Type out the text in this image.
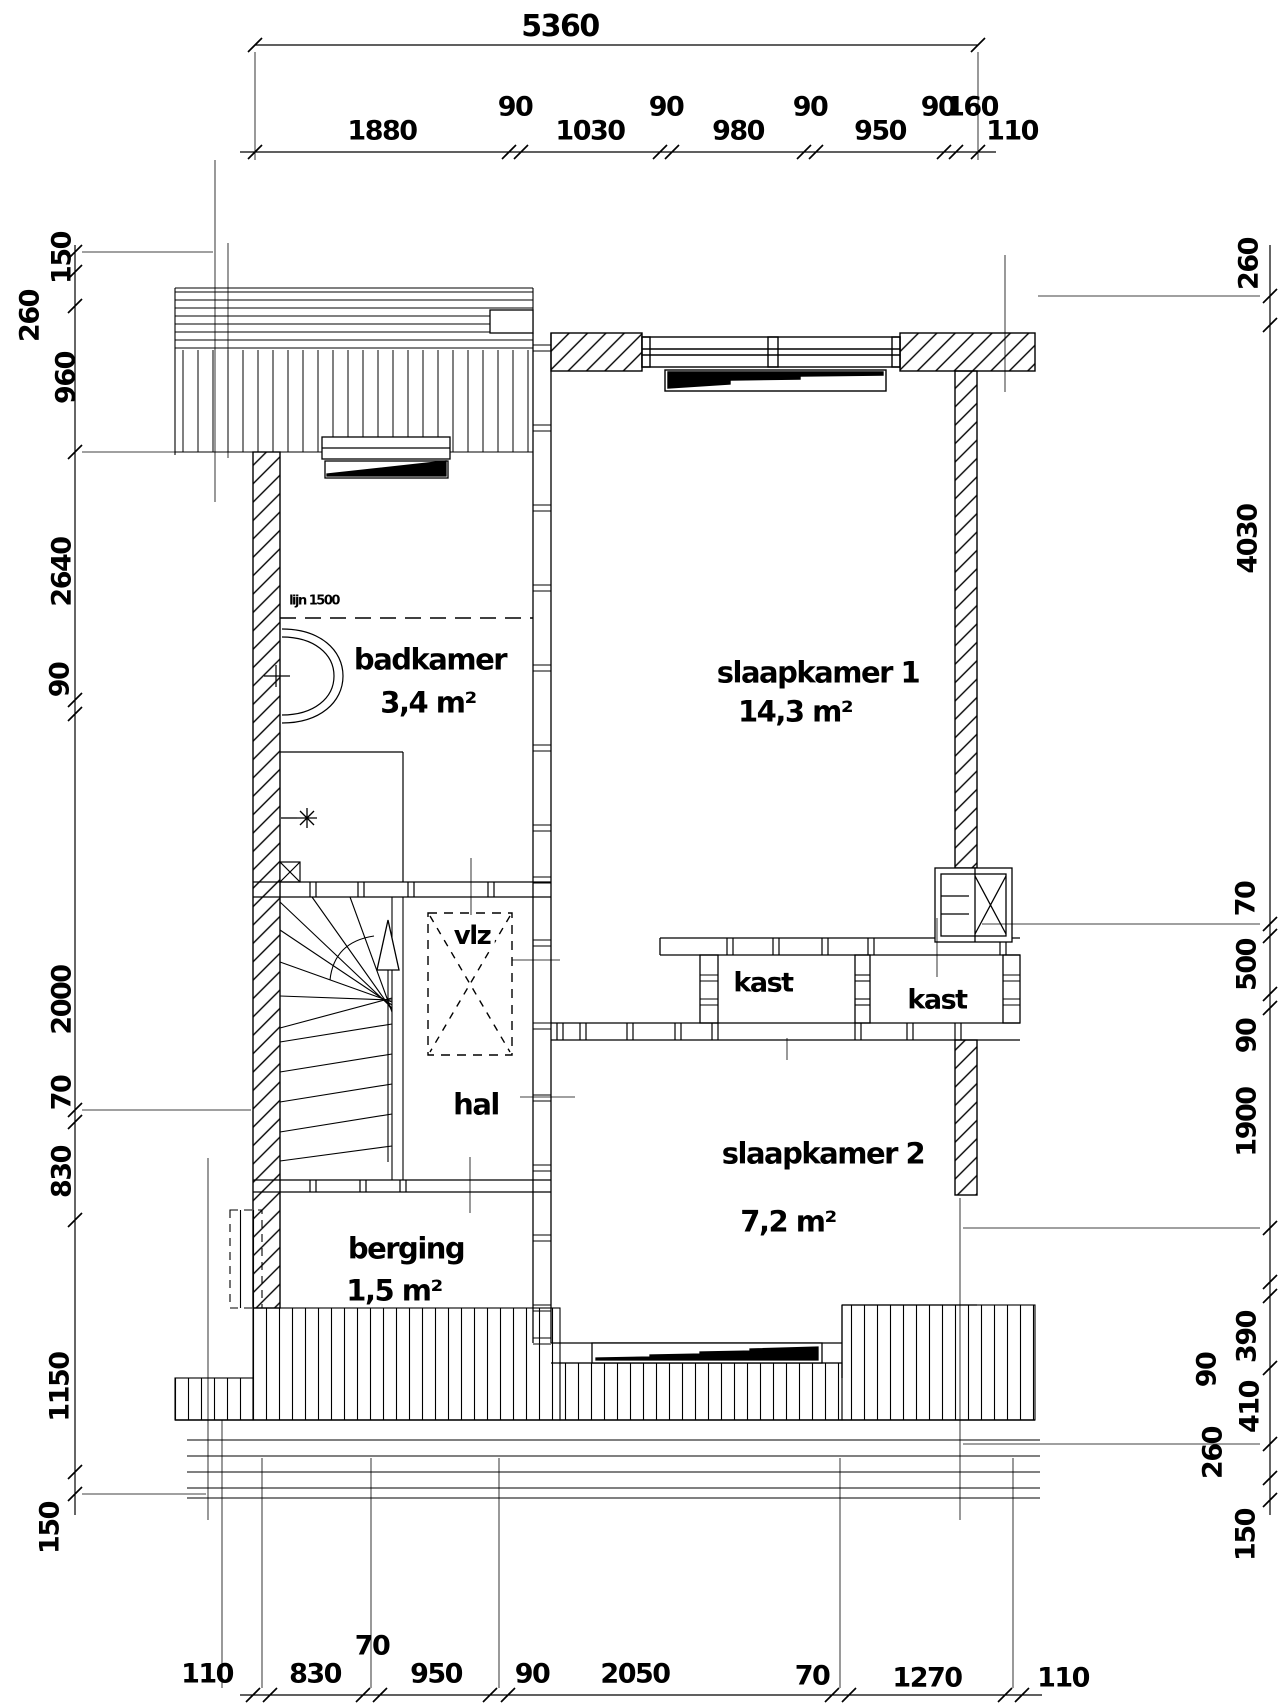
5360
1880
90
1030
90
980
90
950
90
160
110
150
260
960
2640
90
2000
70
830
1150
150
260
4030
70
500
90
1900
390
90
410
260
150
110 830
70
950 90 2050	70 1270	110
badkamer
3,4 m²
slaapkamer 1
14,3 m²
slaapkamer 2
7,2 m²
berging
1,5 m²
hal
vlz
kast
kast
lijn 1500
